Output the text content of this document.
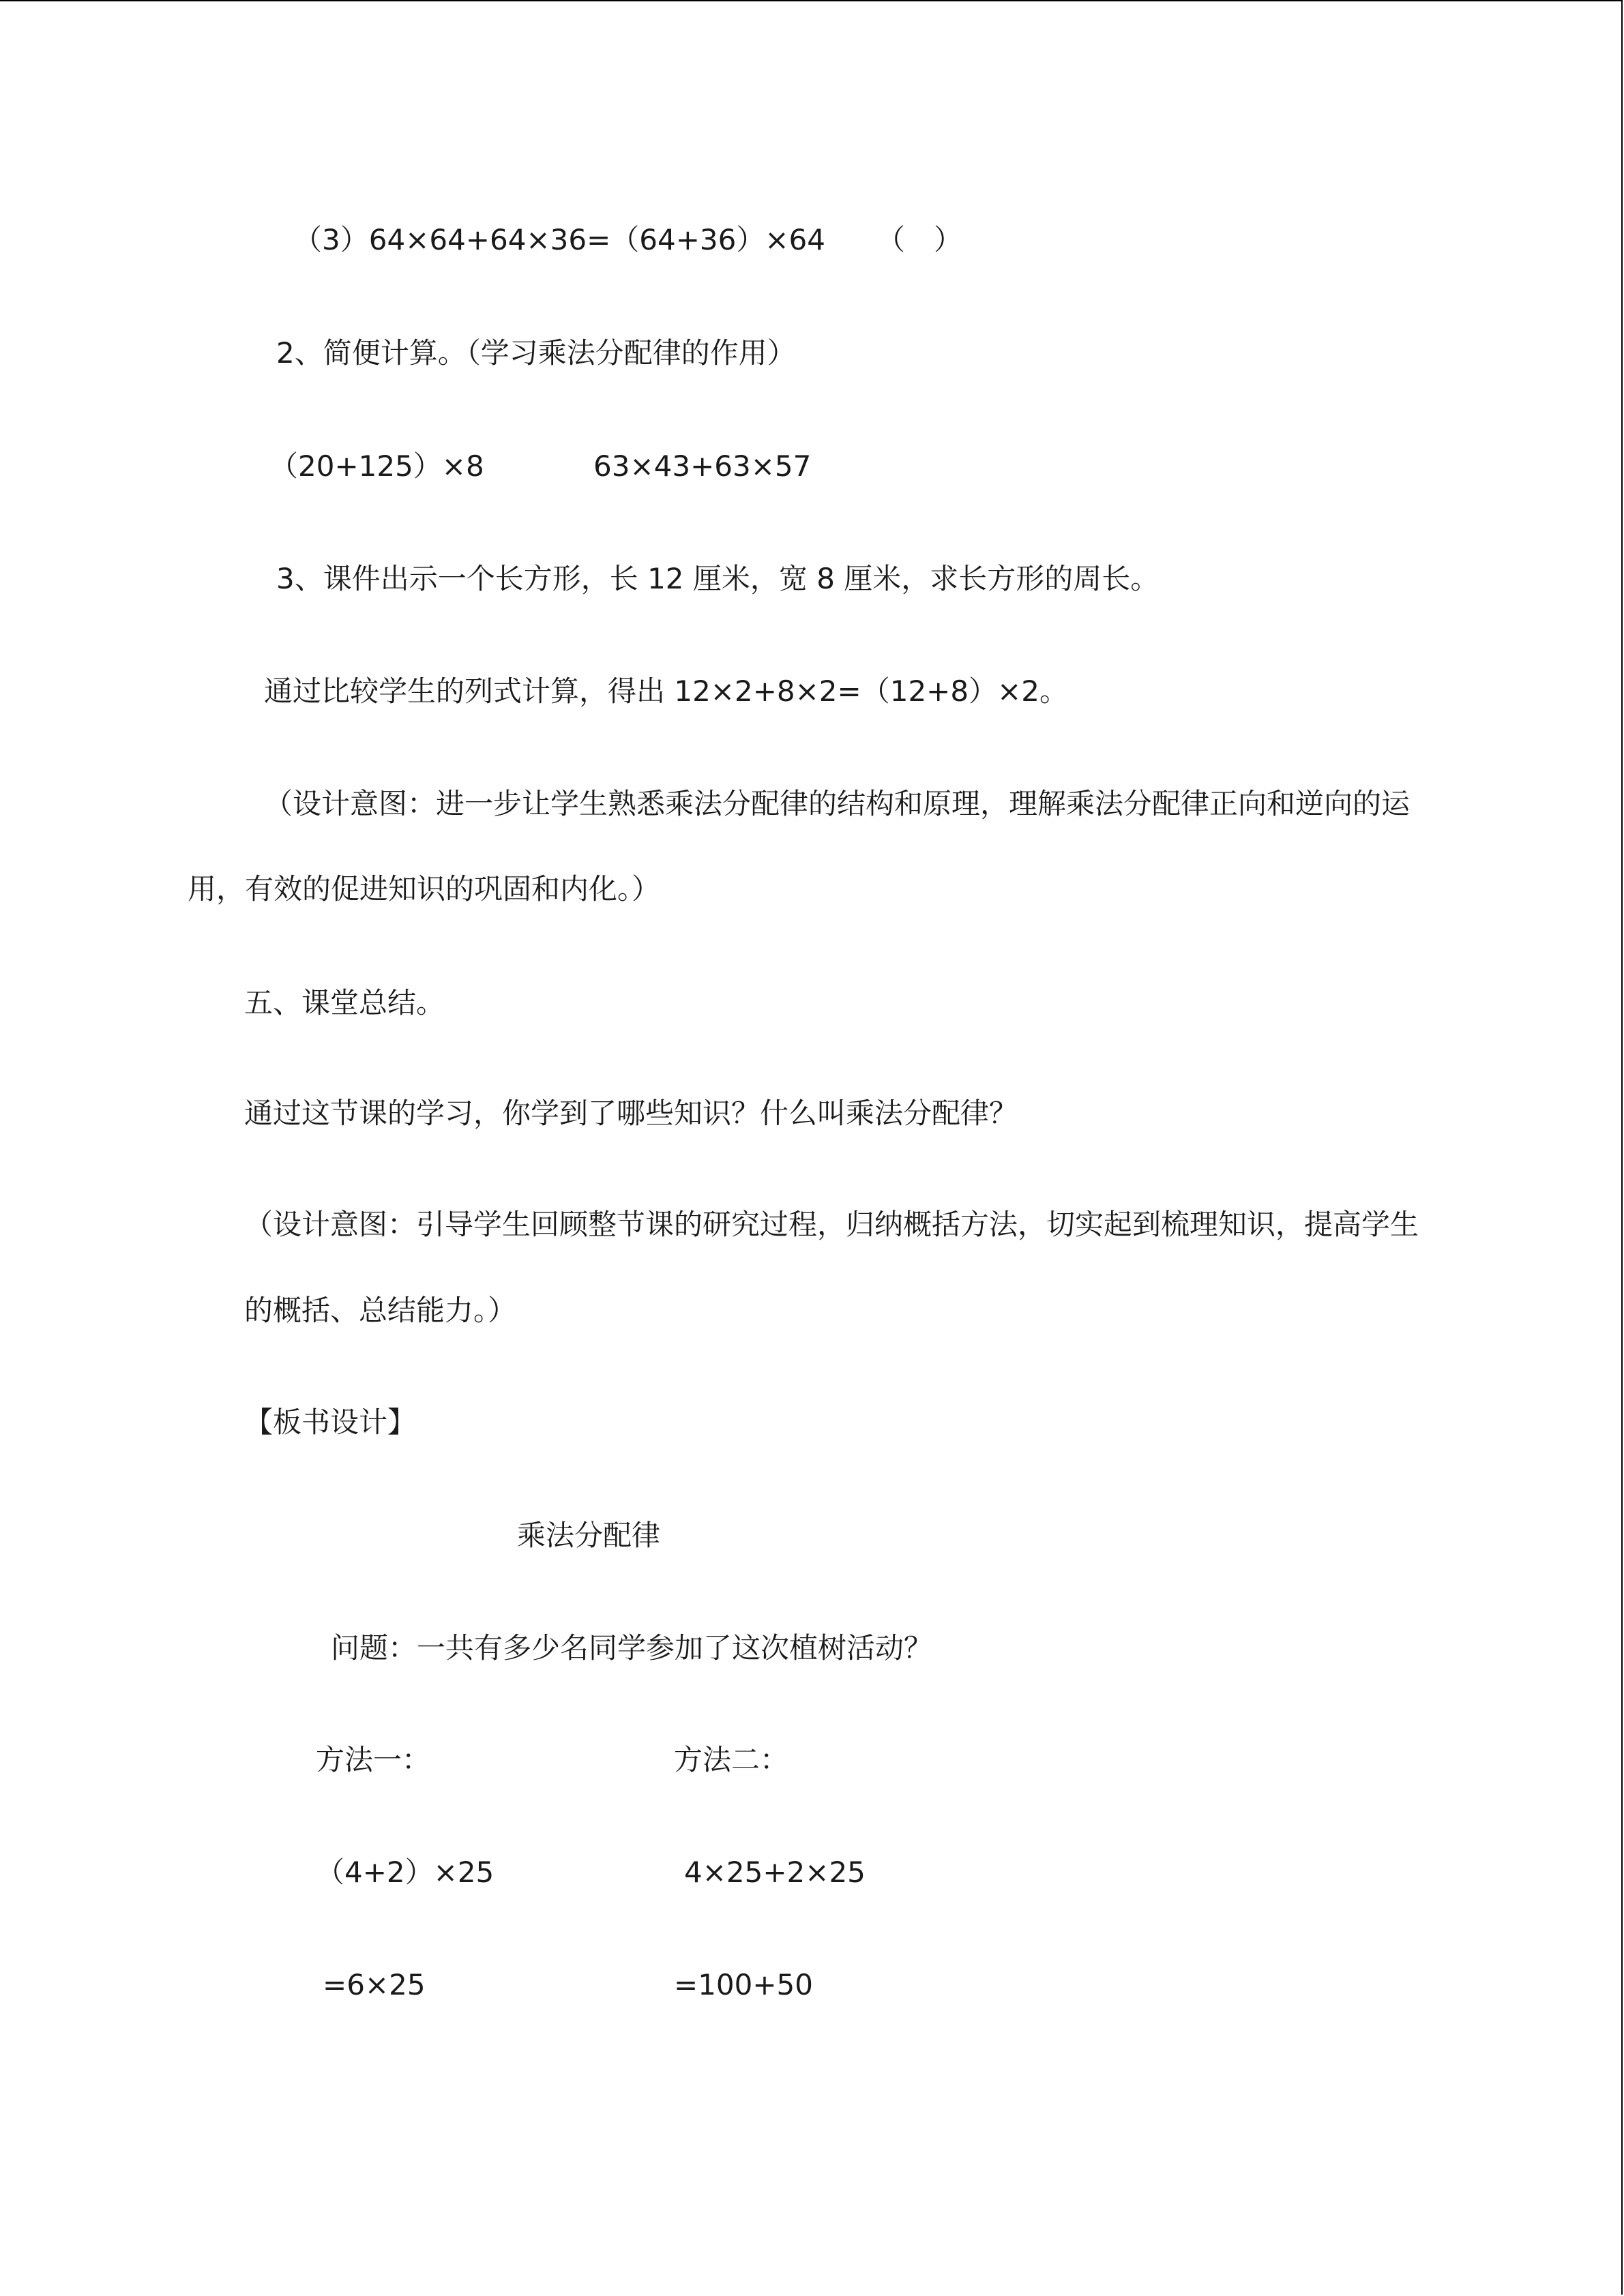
（3）64×64+64×36=（64+36）×64 （　）
2、简便计算。（学习乘法分配律的作用）
（20+125）×8	63×43+63×57
3、课件出示一个长方形，长 12 厘米，宽 8 厘米，求长方形的周长。
通过比较学生的列式计算，得出 12×2+8×2=（12+8）×2。
（设计意图：进一步让学生熟悉乘法分配律的结构和原理，理解乘法分配律正向和逆向的运
用，有效的促进知识的巩固和内化。）
五、课堂总结。
通过这节课的学习，你学到了哪些知识？什么叫乘法分配律？
（设计意图：引导学生回顾整节课的研究过程，归纳概括方法，切实起到梳理知识，提高学生
的概括、总结能力。）
【板书设计】
乘法分配律
问题：一共有多少名同学参加了这次植树活动？
方法一：	方法二：
（4+2）×25	4×25+2×25
=6×25	=100+50
